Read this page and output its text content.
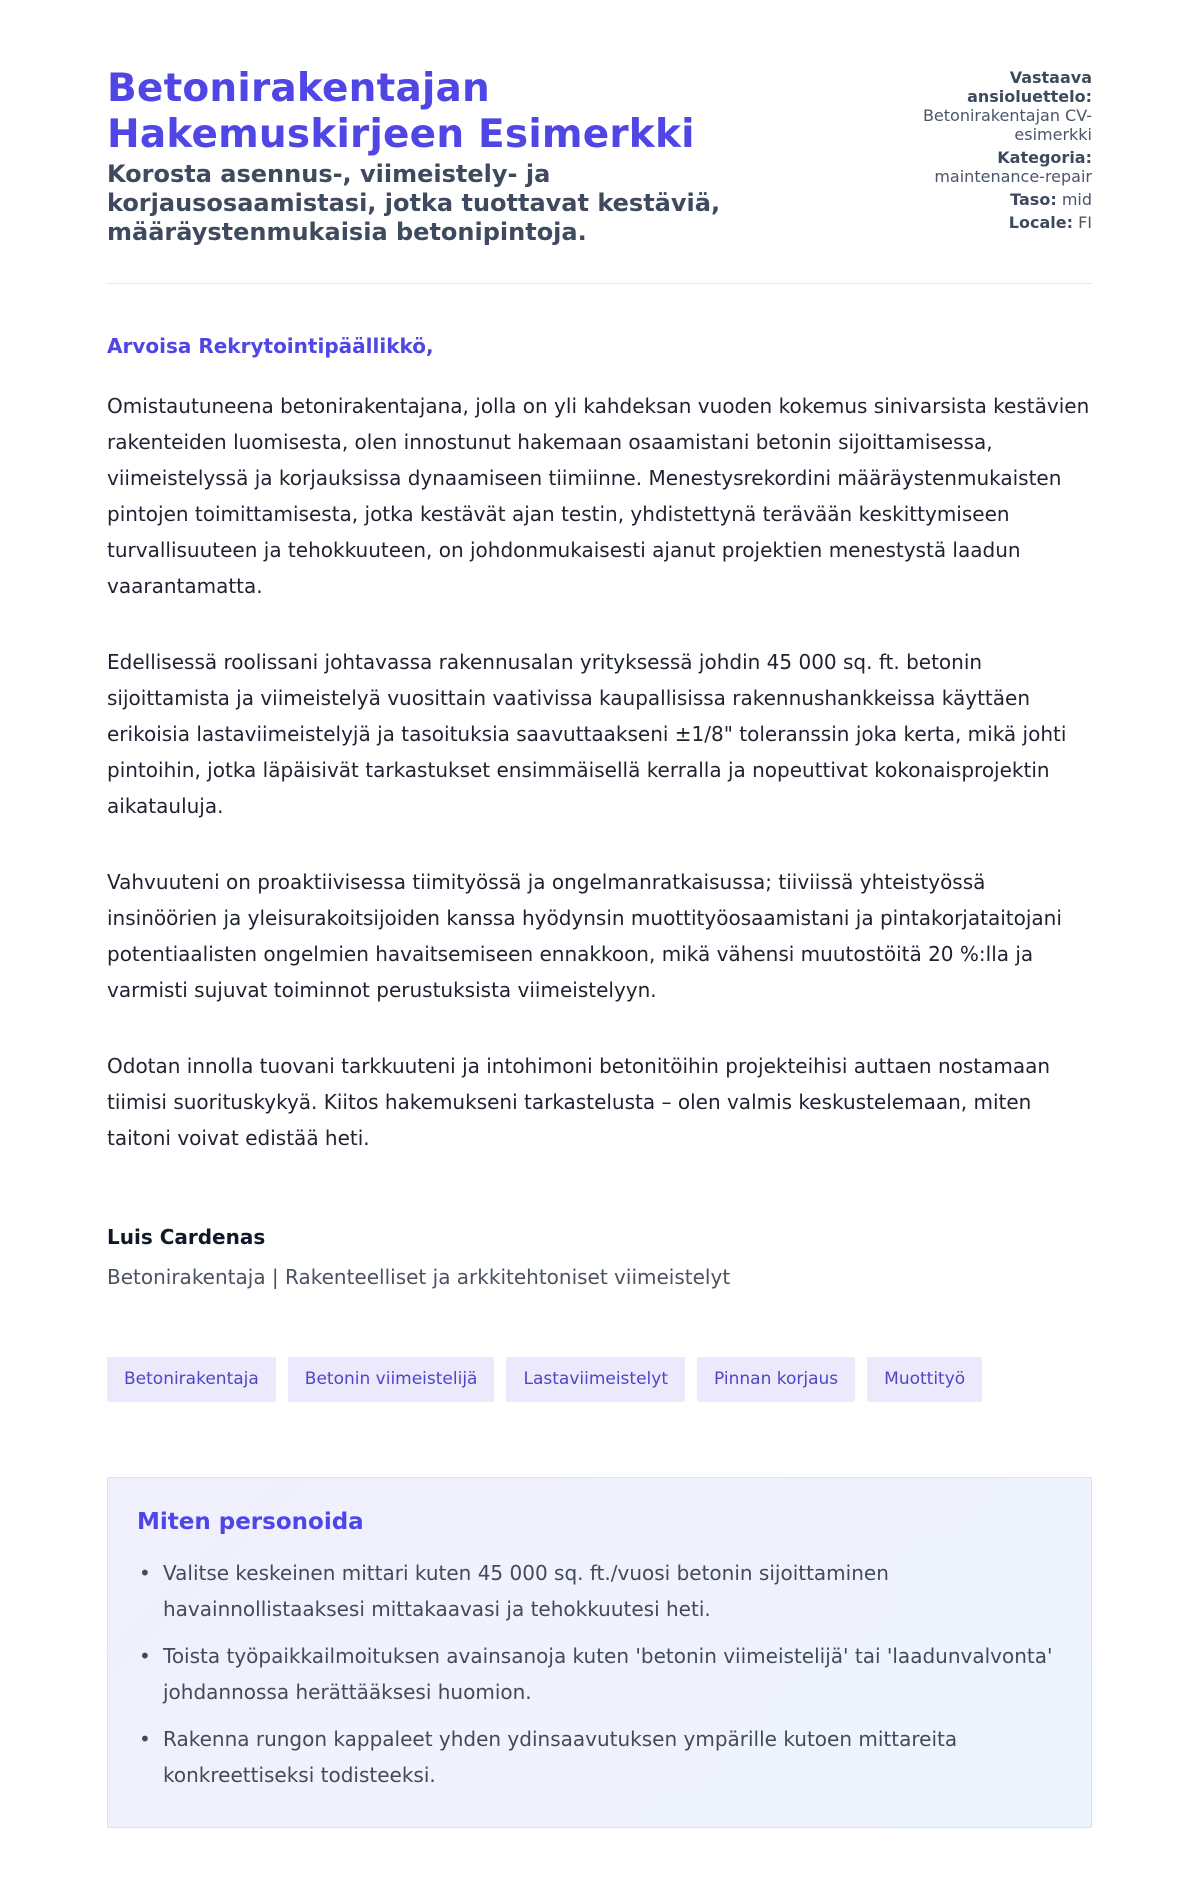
Betonirakentajan Hakemuskirjeen Esimerkki
Korosta asennus-, viimeistely- ja korjausosaamistasi, jotka tuottavat kestäviä, määräystenmukaisia betonipintoja.
Vastaava ansioluettelo: Betonirakentajan CV-esimerkki
Kategoria: maintenance-repair
Taso: mid
Locale: FI
Arvoisa Rekrytointipäällikkö,

Omistautuneena betonirakentajana, jolla on yli kahdeksan vuoden kokemus sinivarsista kestävien rakenteiden luomisesta, olen innostunut hakemaan osaamistani betonin sijoittamisessa, viimeistelyssä ja korjauksissa dynaamiseen tiimiinne. Menestysrekordini määräystenmukaisten pintojen toimittamisesta, jotka kestävät ajan testin, yhdistettynä terävään keskittymiseen turvallisuuteen ja tehokkuuteen, on johdonmukaisesti ajanut projektien menestystä laadun vaarantamatta.

Edellisessä roolissani johtavassa rakennusalan yrityksessä johdin 45 000 sq. ft. betonin sijoittamista ja viimeistelyä vuosittain vaativissa kaupallisissa rakennushankkeissa käyttäen erikoisia lastaviimeistelyjä ja tasoituksia saavuttaakseni ±1/8" toleranssin joka kerta, mikä johti pintoihin, jotka läpäisivät tarkastukset ensimmäisellä kerralla ja nopeuttivat kokonaisprojektin aikatauluja.

Vahvuuteni on proaktiivisessa tiimityössä ja ongelmanratkaisussa; tiiviissä yhteistyössä insinöörien ja yleisurakoitsijoiden kanssa hyödynsin muottityöosaamistani ja pintakorjataitojani potentiaalisten ongelmien havaitsemiseen ennakkoon, mikä vähensi muutostöitä 20 %:lla ja varmisti sujuvat toiminnot perustuksista viimeistelyyn.

Odotan innolla tuovani tarkkuuteni ja intohimoni betonitöihin projekteihisi auttaen nostamaan tiimisi suorituskykyä. Kiitos hakemukseni tarkastelusta – olen valmis keskustelemaan, miten taitoni voivat edistää heti.

Luis Cardenas
Betonirakentaja | Rakenteelliset ja arkkitehtoniset viimeistelyt
Betonirakentaja	Betonin viimeistelijä	Lastaviimeistelyt	Pinnan korjaus	Muottityö
Miten personoida
• Valitse keskeinen mittari kuten 45 000 sq. ft./vuosi betonin sijoittaminen havainnollistaaksesi mittakaavasi ja tehokkuutesi heti.
• Toista työpaikkailmoituksen avainsanoja kuten 'betonin viimeistelijä' tai 'laadunvalvonta' johdannossa herättääksesi huomion.
• Rakenna rungon kappaleet yhden ydinsaavutuksen ympärille kutoen mittareita konkreettiseksi todisteeksi.
